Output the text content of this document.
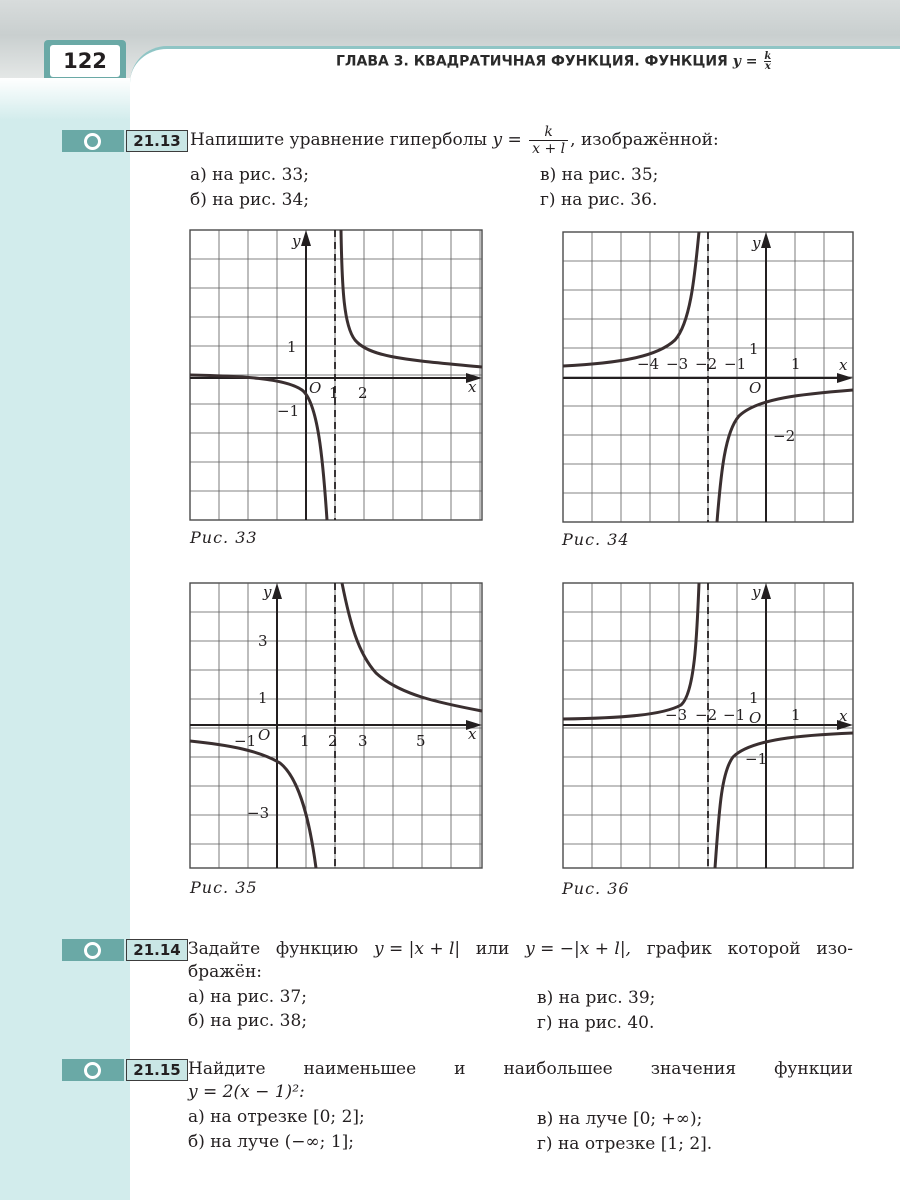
122	ГЛАВА 3. КВАДРАТИЧНАЯ ФУНКЦИЯ. ФУНКЦИЯ $y = \frac{k}{x}$
21.13 Напишите уравнение гиперболы $y = \frac{k}{x + l}$ , изображённой:
а) на рис. 33;
б) на рис. 34;
в) на рис. 35;
г) на рис. 36.
1 2
1
−1
O	x
y
Рис. 33
−4 −3 −2 −1	1
1
−2
O
x
y
Рис. 34
−1	1 2 3	5
3
1
−3
O	x
y
Рис. 35
−3 −2 −1	1
1
−1
O	x
y
Рис. 36
21.14 Задайте функцию y = |x + l| или y = −|x + l|, график которой изо-
бражён:
а) на рис. 37;
б) на рис. 38;
в) на рис. 39;
г) на рис. 40.
21.15 Найдите наименьшее и наибольшее значения функции
y = 2(x − 1)²:
а) на отрезке [0; 2];
б) на луче (−∞; 1];
в) на луче [0; +∞);
г) на отрезке [1; 2].
